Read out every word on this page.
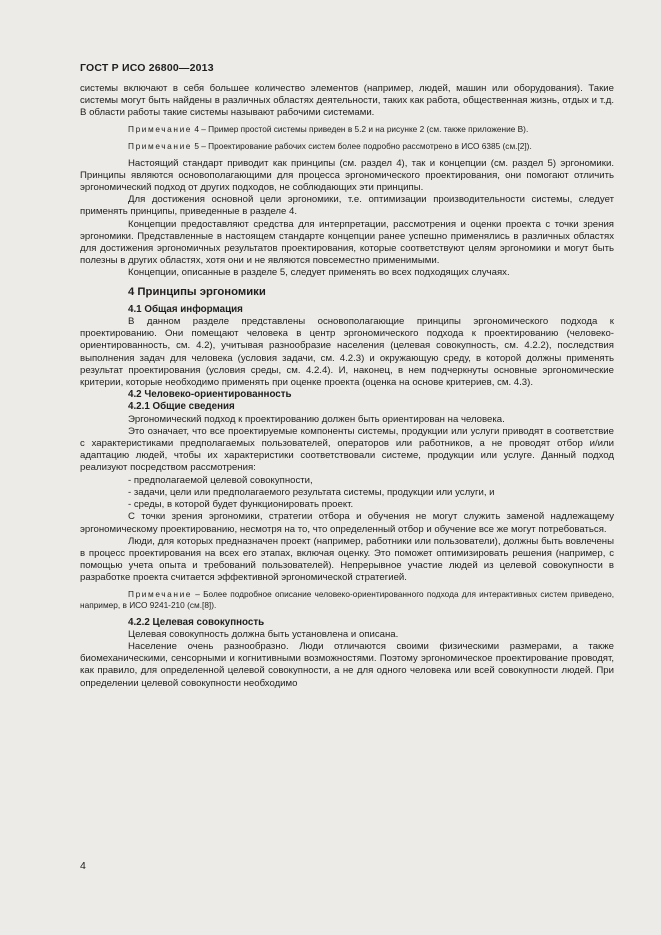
ГОСТ Р ИСО 26800—2013

системы включают в себя большее количество элементов (например, людей, машин или оборудования). Такие системы могут быть найдены в различных областях деятельности, таких как работа, общественная жизнь, отдых и т.д. В области работы такие системы называют рабочими системами.

Примечание 4 – Пример простой системы приведен в 5.2 и на рисунке 2 (см. также приложение В).

Примечание 5 – Проектирование рабочих систем более подробно рассмотрено в ИСО 6385 (см.[2]).

Настоящий стандарт приводит как принципы (см. раздел 4), так и концепции (см. раздел 5) эргономики. Принципы являются основополагающими для процесса эргономического проектирования, они помогают отличить эргономический подход от других подходов, не соблюдающих эти принципы.

Для достижения основной цели эргономики, т.е. оптимизации производительности системы, следует применять принципы, приведенные в разделе 4.

Концепции предоставляют средства для интерпретации, рассмотрения и оценки проекта с точки зрения эргономики. Представленные в настоящем стандарте концепции ранее успешно применялись в различных областях для достижения эргономичных результатов проектирования, которые соответствуют целям эргономики и могут быть полезны в других областях, хотя они и не являются повсеместно применимыми.

Концепции, описанные в разделе 5, следует применять во всех подходящих случаях.

4 Принципы эргономики
4.1 Общая информация

В данном разделе представлены основополагающие принципы эргономического подхода к проектированию. Они помещают человека в центр эргономического подхода к проектированию (человеко-ориентированность, см. 4.2), учитывая разнообразие населения (целевая совокупность, см. 4.2.2), последствия выполнения задач для человека (условия задачи, см. 4.2.3) и окружающую среду, в которой должны применять результат проектирования (условия среды, см. 4.2.4). И, наконец, в нем подчеркнуты основные эргономические критерии, которые необходимо применять при оценке проекта (оценка на основе критериев, см. 4.3).

4.2 Человеко-ориентированность
4.2.1 Общие сведения

Эргономический подход к проектированию должен быть ориентирован на человека.

Это означает, что все проектируемые компоненты системы, продукции или услуги приводят в соответствие с характеристиками предполагаемых пользователей, операторов или работников, а не проводят отбор и/или адаптацию людей, чтобы их характеристики соответствовали системе, продукции или услуге. Данный подход реализуют посредством рассмотрения:

- предполагаемой целевой совокупности,
- задачи, цели или предполагаемого результата системы, продукции или услуги, и
- среды, в которой будет функционировать проект.

С точки зрения эргономики, стратегии отбора и обучения не могут служить заменой надлежащему эргономическому проектированию, несмотря на то, что определенный отбор и обучение все же могут потребоваться.

Люди, для которых предназначен проект (например, работники или пользователи), должны быть вовлечены в процесс проектирования на всех его этапах, включая оценку. Это поможет оптимизировать решения (например, с помощью учета опыта и требований пользователей). Непрерывное участие людей из целевой совокупности в разработке проекта считается эффективной эргономической стратегией.

Примечание – Более подробное описание человеко-ориентированного подхода для интерактивных систем приведено, например, в ИСО 9241-210 (см.[8]).

4.2.2 Целевая совокупность

Целевая совокупность должна быть установлена и описана.

Население очень разнообразно. Люди отличаются своими физическими размерами, а также биомеханическими, сенсорными и когнитивными возможностями. Поэтому эргономическое проектирование проводят, как правило, для определенной целевой совокупности, а не для одного человека или всей совокупности людей. При определении целевой совокупности необходимо

4
